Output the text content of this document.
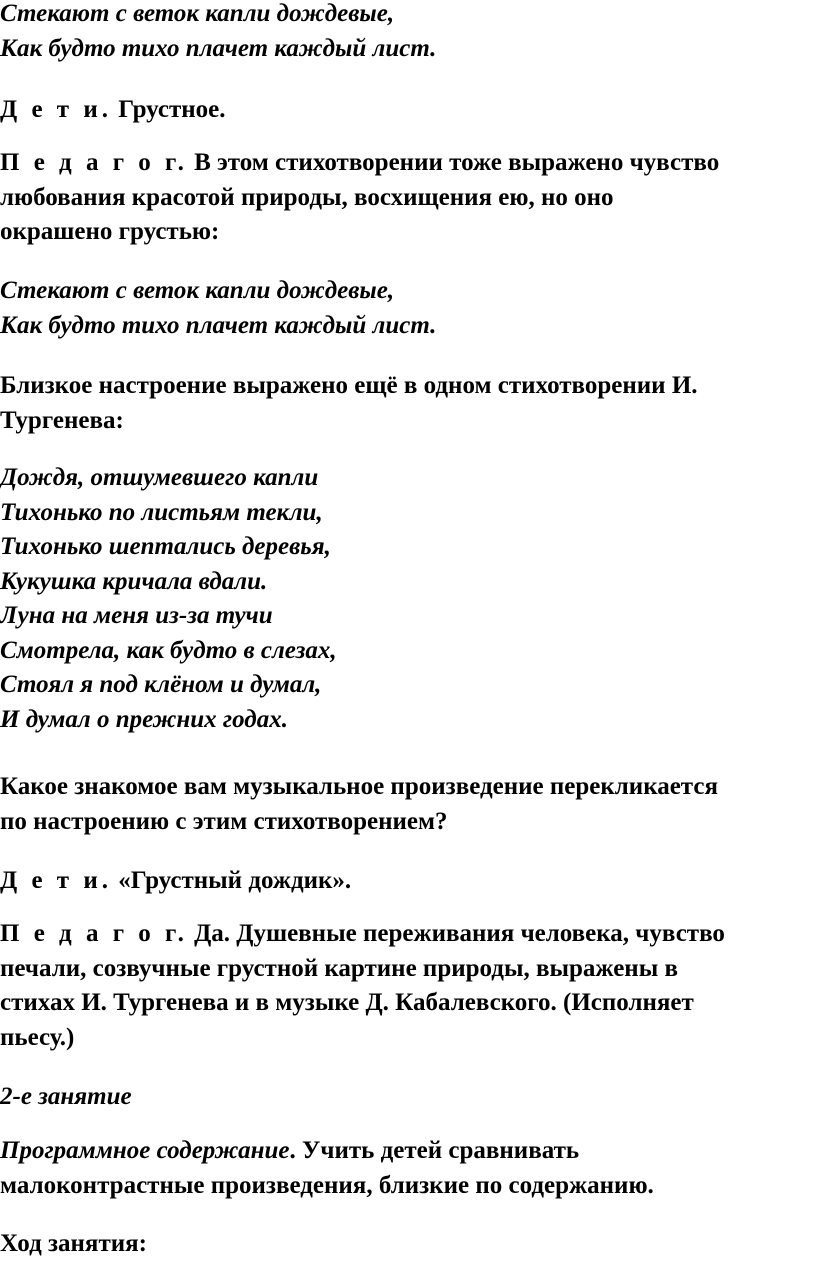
Стекают с веток капли дождевые,
Как будто тихо плачет каждый лист.
Д е т и. Грустное.
П е д а г о г. В этом стихотворении тоже выражено чувство
любования красотой природы, восхищения ею, но оно
окрашено грустью:
Стекают с веток капли дождевые,
Как будто тихо плачет каждый лист.
Близкое настроение выражено ещё в одном стихотворении И.
Тургенева:
Дождя, отшумевшего капли
Тихонько по листьям текли,
Тихонько шептались деревья,
Кукушка кричала вдали.
Луна на меня из-за тучи
Смотрела, как будто в слезах,
Стоял я под клёном и думал,
И думал о прежних годах.
Какое знакомое вам музыкальное произведение перекликается
по настроению с этим стихотворением?
Д е т и. «Грустный дождик».
П е д а г о г. Да. Душевные переживания человека, чувство
печали, созвучные грустной картине природы, выражены в
стихах И. Тургенева и в музыке Д. Кабалевского. (Исполняет
пьесу.)
2-е занятие
Программное содержание. Учить детей сравнивать
малоконтрастные произведения, близкие по содержанию.
Ход занятия:
